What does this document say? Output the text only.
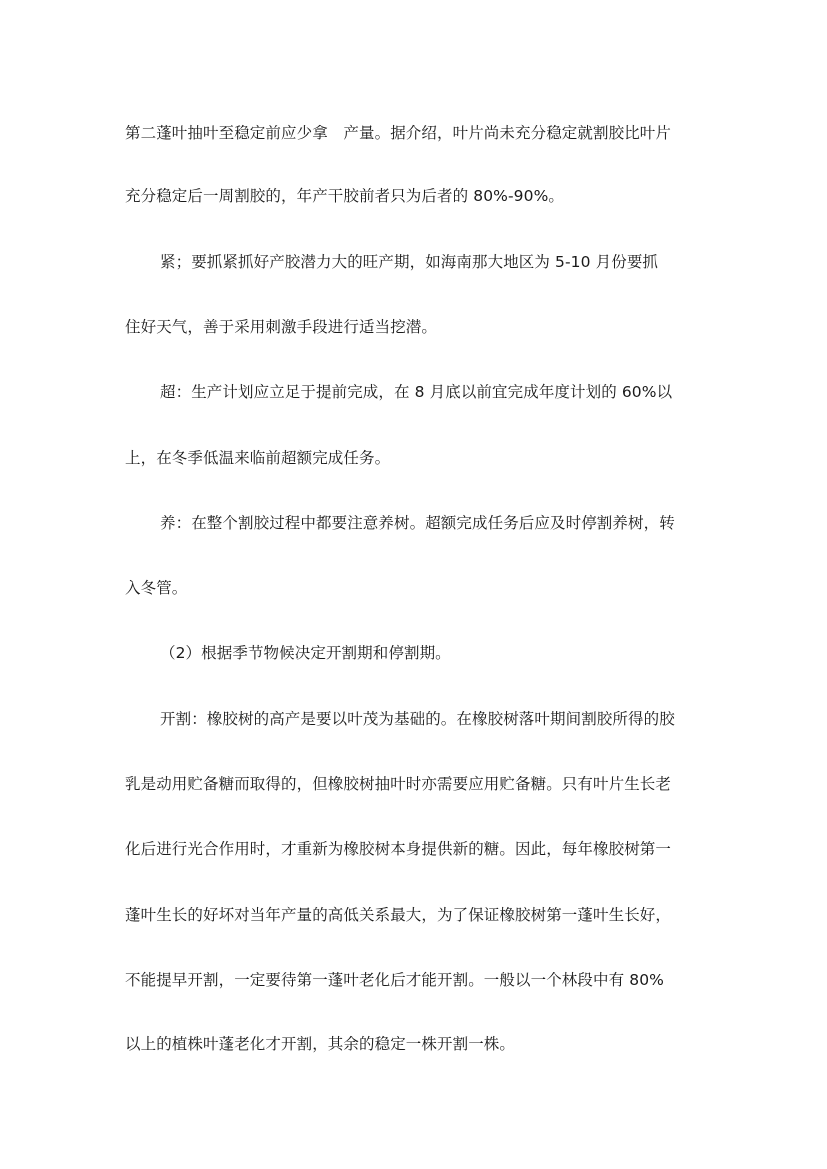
第二蓬叶抽叶至稳定前应少拿　产量。据介绍，叶片尚未充分稳定就割胶比叶片
充分稳定后一周割胶的，年产干胶前者只为后者的 80%-90%。
紧；要抓紧抓好产胶潜力大的旺产期，如海南那大地区为 5-10 月份要抓
住好天气，善于采用刺激手段进行适当挖潜。
超：生产计划应立足于提前完成，在 8 月底以前宜完成年度计划的 60%以
上，在冬季低温来临前超额完成任务。
养：在整个割胶过程中都要注意养树。超额完成任务后应及时停割养树，转
入冬管。
（2）根据季节物候决定开割期和停割期。
开割：橡胶树的高产是要以叶茂为基础的。在橡胶树落叶期间割胶所得的胶
乳是动用贮备糖而取得的，但橡胶树抽叶时亦需要应用贮备糖。只有叶片生长老
化后进行光合作用时，才重新为橡胶树本身提供新的糖。因此，每年橡胶树第一
蓬叶生长的好坏对当年产量的高低关系最大，为了保证橡胶树第一蓬叶生长好，
不能提早开割，一定要待第一蓬叶老化后才能开割。一般以一个林段中有 80%
以上的植株叶蓬老化才开割，其余的稳定一株开割一株。
